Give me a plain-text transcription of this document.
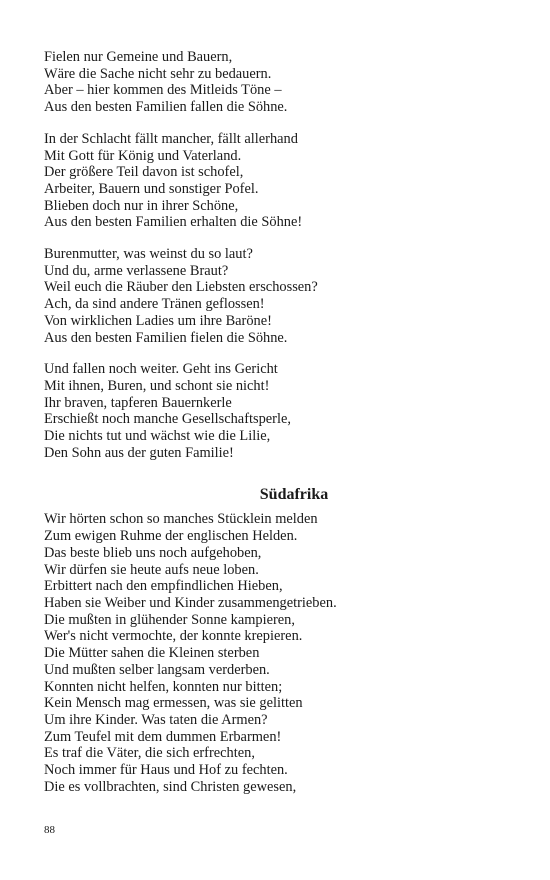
Fielen nur Gemeine und Bauern,
Wäre die Sache nicht sehr zu bedauern.
Aber – hier kommen des Mitleids Töne –
Aus den besten Familien fallen die Söhne.
In der Schlacht fällt mancher, fällt allerhand
Mit Gott für König und Vaterland.
Der größere Teil davon ist schofel,
Arbeiter, Bauern und sonstiger Pofel.
Blieben doch nur in ihrer Schöne,
Aus den besten Familien erhalten die Söhne!
Burenmutter, was weinst du so laut?
Und du, arme verlassene Braut?
Weil euch die Räuber den Liebsten erschossen?
Ach, da sind andere Tränen geflossen!
Von wirklichen Ladies um ihre Baröne!
Aus den besten Familien fielen die Söhne.
Und fallen noch weiter. Geht ins Gericht
Mit ihnen, Buren, und schont sie nicht!
Ihr braven, tapferen Bauernkerle
Erschießt noch manche Gesellschaftsperle,
Die nichts tut und wächst wie die Lilie,
Den Sohn aus der guten Familie!
Südafrika
Wir hörten schon so manches Stücklein melden
Zum ewigen Ruhme der englischen Helden.
Das beste blieb uns noch aufgehoben,
Wir dürfen sie heute aufs neue loben.
Erbittert nach den empfindlichen Hieben,
Haben sie Weiber und Kinder zusammengetrieben.
Die mußten in glühender Sonne kampieren,
Wer's nicht vermochte, der konnte krepieren.
Die Mütter sahen die Kleinen sterben
Und mußten selber langsam verderben.
Konnten nicht helfen, konnten nur bitten;
Kein Mensch mag ermessen, was sie gelitten
Um ihre Kinder. Was taten die Armen?
Zum Teufel mit dem dummen Erbarmen!
Es traf die Väter, die sich erfrechten,
Noch immer für Haus und Hof zu fechten.
Die es vollbrachten, sind Christen gewesen,
88
